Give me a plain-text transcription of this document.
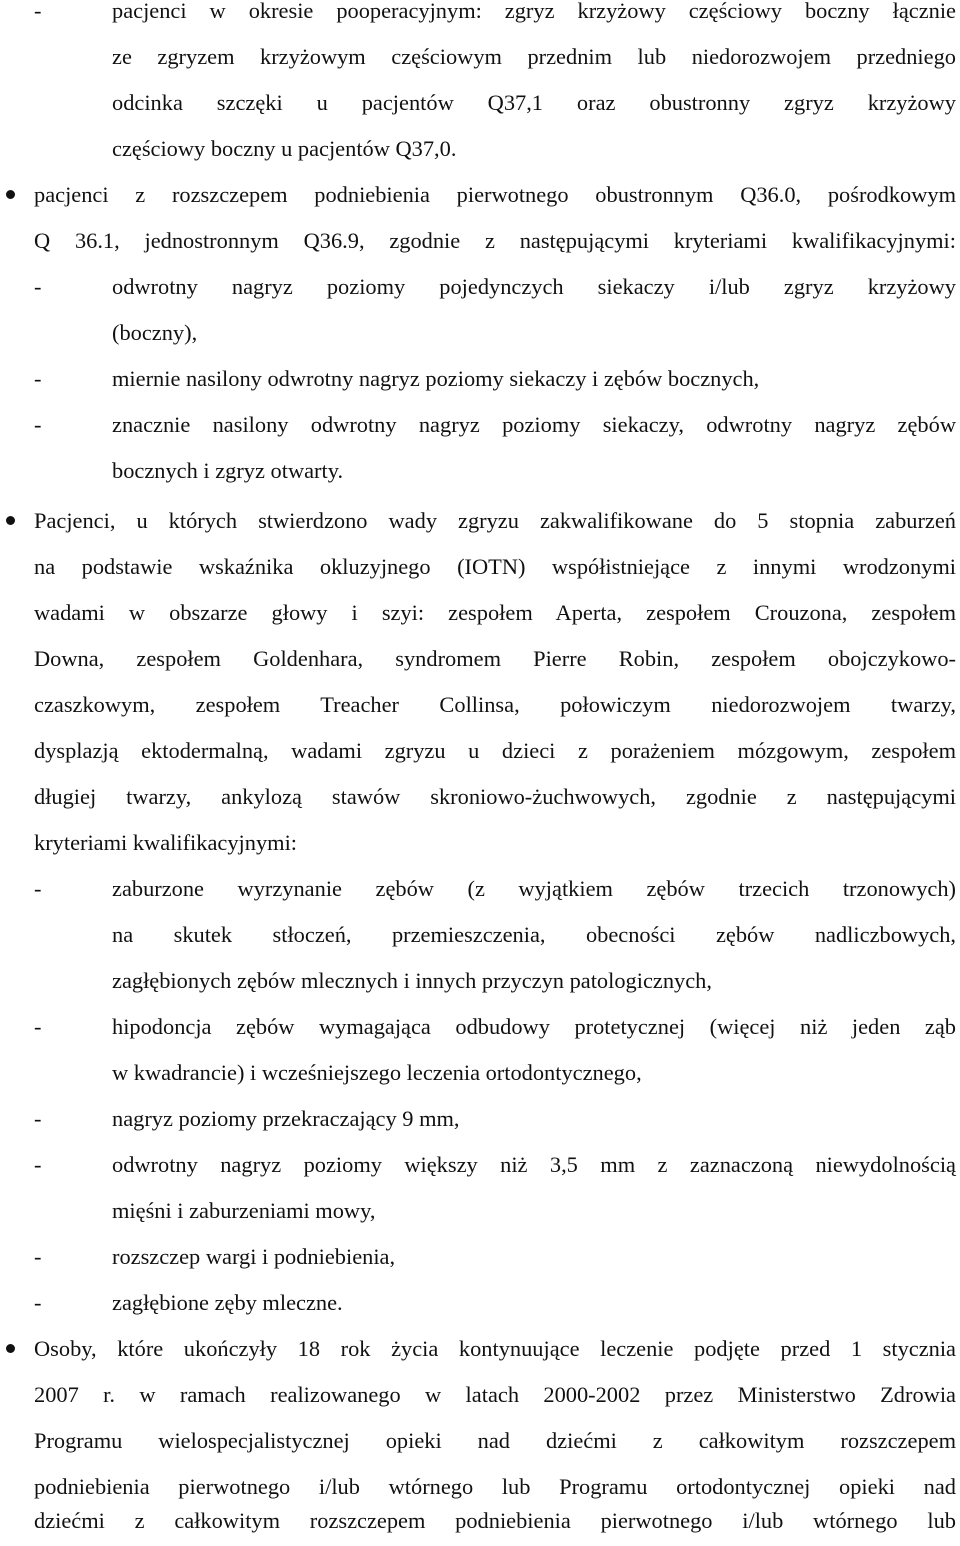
-	pacjenci w okresie pooperacyjnym: zgryz krzyżowy częściowy boczny łącznie
ze zgryzem krzyżowym częściowym przednim lub niedorozwojem przedniego
odcinka szczęki u pacjentów Q37,1 oraz obustronny zgryz krzyżowy
częściowy boczny u pacjentów Q37,0.
pacjenci z rozszczepem podniebienia pierwotnego obustronnym Q36.0, pośrodkowym
Q 36.1, jednostronnym Q36.9, zgodnie z następującymi kryteriami kwalifikacyjnymi:
-	odwrotny nagryz poziomy pojedynczych siekaczy i/lub zgryz krzyżowy
(boczny),
-	miernie nasilony odwrotny nagryz poziomy siekaczy i zębów bocznych,
-	znacznie nasilony odwrotny nagryz poziomy siekaczy, odwrotny nagryz zębów
bocznych i zgryz otwarty.
Pacjenci, u których stwierdzono wady zgryzu zakwalifikowane do 5 stopnia zaburzeń
na podstawie wskaźnika okluzyjnego (IOTN) współistniejące z innymi wrodzonymi
wadami w obszarze głowy i szyi: zespołem Aperta, zespołem Crouzona, zespołem
Downa, zespołem Goldenhara, syndromem Pierre Robin, zespołem obojczykowo-
czaszkowym, zespołem Treacher Collinsa, połowiczym niedorozwojem twarzy,
dysplazją ektodermalną, wadami zgryzu u dzieci z porażeniem mózgowym, zespołem
długiej twarzy, ankylozą stawów skroniowo-żuchwowych, zgodnie z następującymi
kryteriami kwalifikacyjnymi:
-	zaburzone wyrzynanie zębów (z wyjątkiem zębów trzecich trzonowych)
na skutek stłoczeń, przemieszczenia, obecności zębów nadliczbowych,
zagłębionych zębów mlecznych i innych przyczyn patologicznych,
-	hipodoncja zębów wymagająca odbudowy protetycznej (więcej niż jeden ząb
w kwadrancie) i wcześniejszego leczenia ortodontycznego,
-	nagryz poziomy przekraczający 9 mm,
-	odwrotny nagryz poziomy większy niż 3,5 mm z zaznaczoną niewydolnością
mięśni i zaburzeniami mowy,
-	rozszczep wargi i podniebienia,
-	zagłębione zęby mleczne.
Osoby, które ukończyły 18 rok życia kontynuujące leczenie podjęte przed 1 stycznia
2007 r. w ramach realizowanego w latach 2000-2002 przez Ministerstwo Zdrowia
Programu wielospecjalistycznej opieki nad dziećmi z całkowitym rozszczepem
podniebienia pierwotnego i/lub wtórnego lub Programu ortodontycznej opieki nad
dziećmi z całkowitym rozszczepem podniebienia pierwotnego i/lub wtórnego lub
